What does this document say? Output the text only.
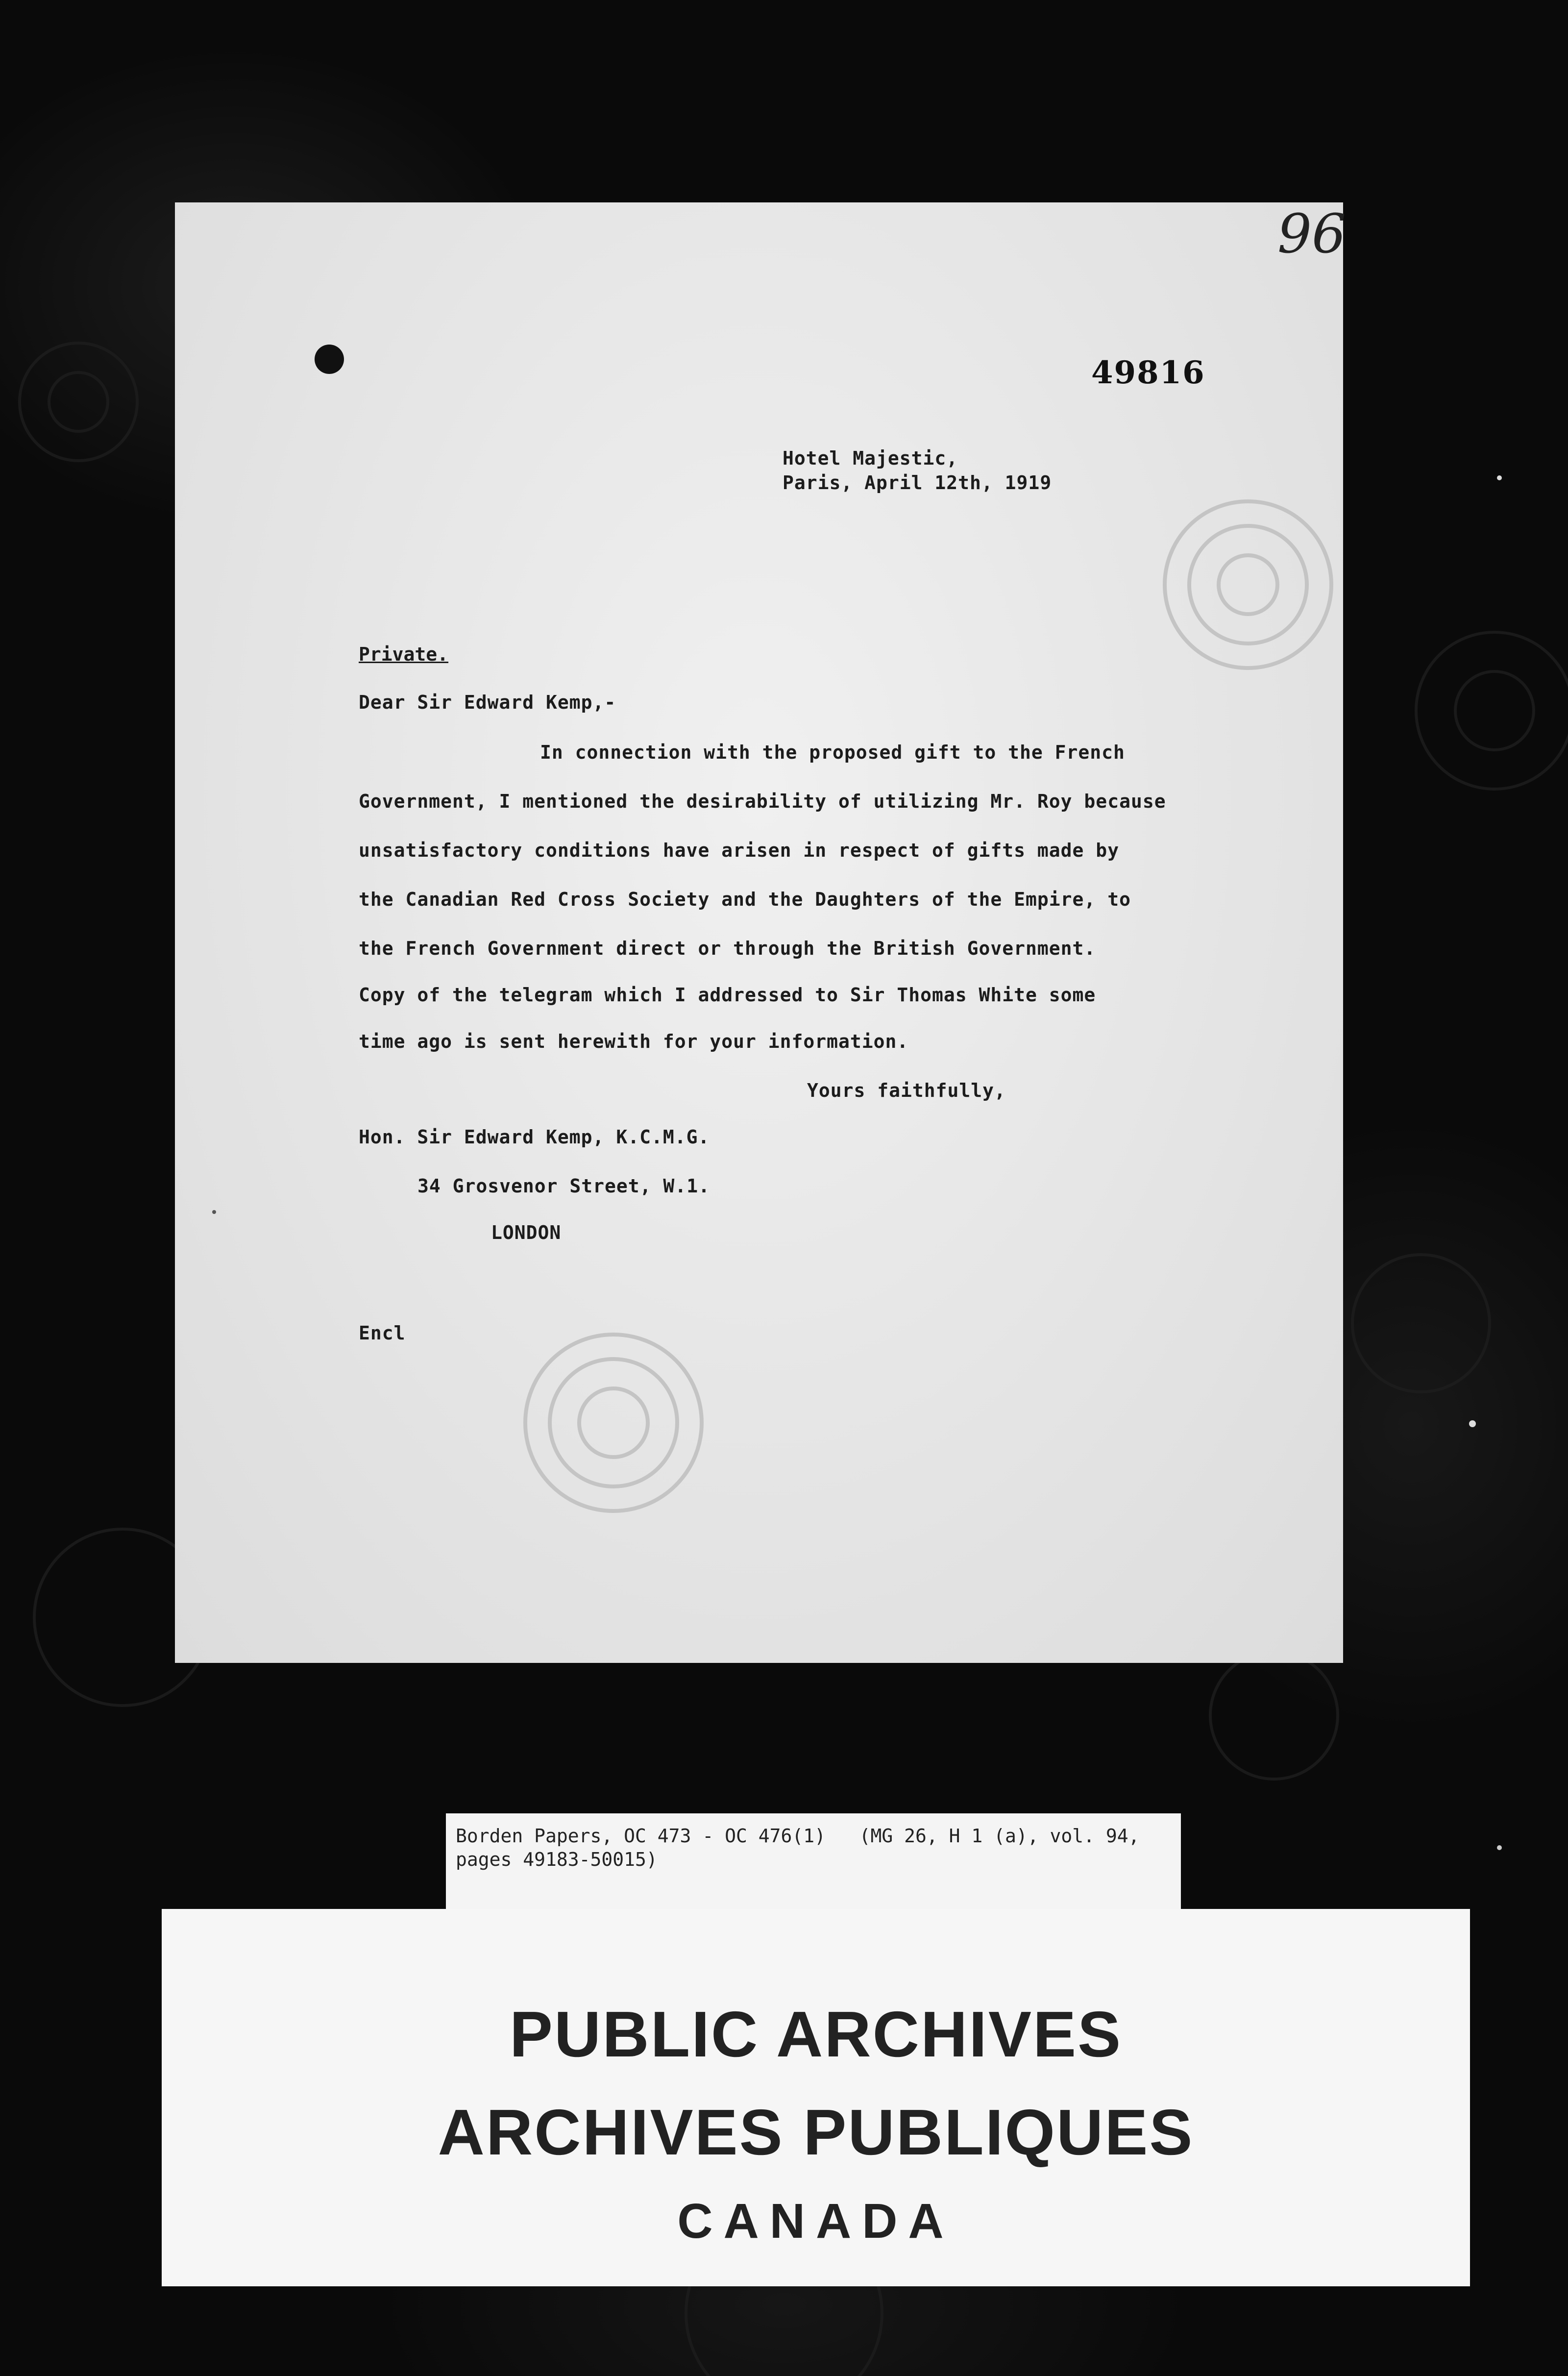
96
49816
Hotel Majestic,
Paris, April 12th, 1919
Private.
Dear Sir Edward Kemp,-
In connection with the proposed gift to the French
Government, I mentioned the desirability of utilizing Mr. Roy because
unsatisfactory conditions have arisen in respect of gifts made by
the Canadian Red Cross Society and the Daughters of the Empire, to
the French Government direct or through the British Government.
Copy of the telegram which I addressed to Sir Thomas White some
time ago is sent herewith for your information.
Yours faithfully,
Hon. Sir Edward Kemp, K.C.M.G.
34 Grosvenor Street, W.1.
LONDON
Encl
Borden Papers, OC 473 - OC 476(1)   (MG 26, H 1 (a), vol. 94, pages 49183-50015)
PUBLIC ARCHIVES
ARCHIVES PUBLIQUES
CANADA
